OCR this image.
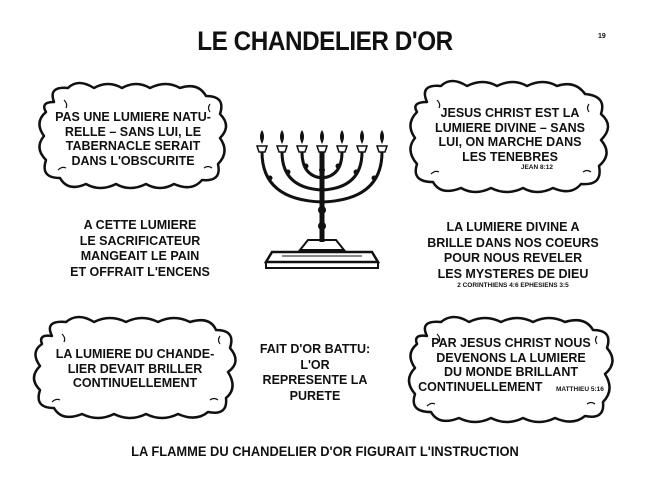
LE CHANDELIER D'OR	19
PAS UNE LUMIERE NATU-
RELLE – SANS LUI, LE
TABERNACLE SERAIT
DANS L'OBSCURITE
JESUS CHRIST EST LA
LUMIERE DIVINE – SANS
LUI, ON MARCHE DANS
LES TENEBRES
JEAN 8:12
A CETTE LUMIERE
LE SACRIFICATEUR
MANGEAIT LE PAIN
ET OFFRAIT L'ENCENS
LA LUMIERE DIVINE A
BRILLE DANS NOS COEURS
POUR NOUS REVELER
LES MYSTERES DE DIEU
2 CORINTHIENS 4:6 EPHESIENS 3:5
LA LUMIERE DU CHANDE-
LIER DEVAIT BRILLER
CONTINUELLEMENT
FAIT D'OR BATTU:
L'OR
REPRESENTE LA
PURETE
PAR JESUS CHRIST NOUS
DEVENONS LA LUMIERE
DU MONDE BRILLANT
CONTINUELLEMENT MATTHIEU 5:16
LA FLAMME DU CHANDELIER D'OR FIGURAIT L'INSTRUCTION
